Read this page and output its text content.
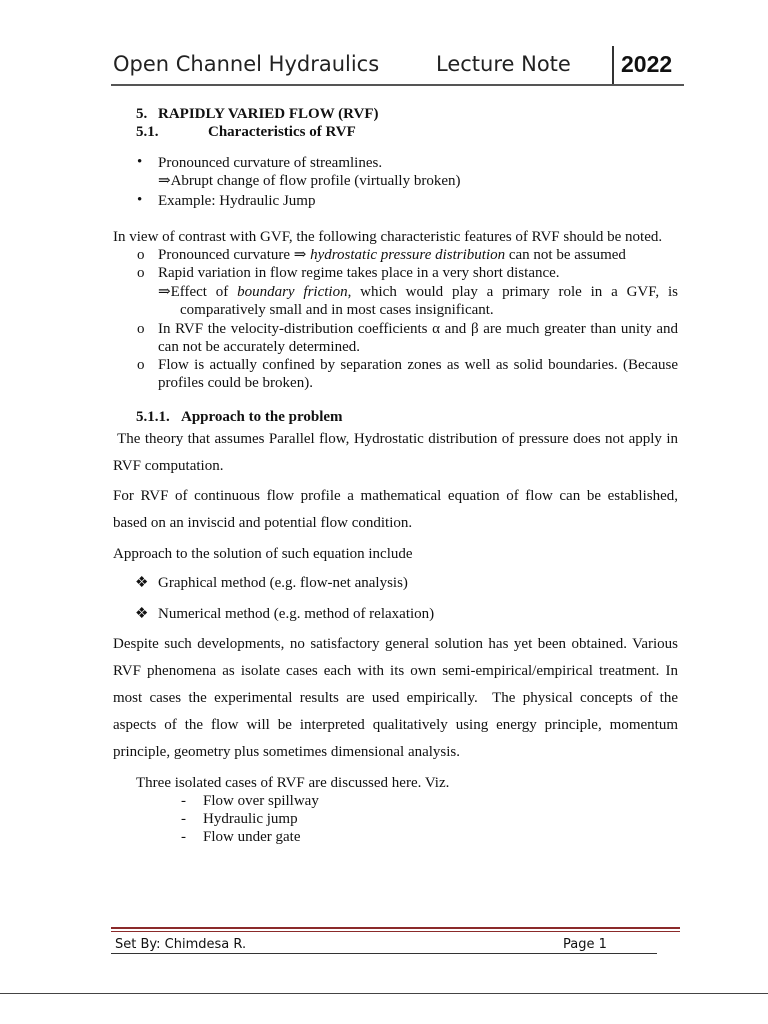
Open Channel Hydraulics	Lecture Note 2022
5. RAPIDLY VARIED FLOW (RVF)
5.1.	Characteristics of RVF
• Pronounced curvature of streamlines.
⇒Abrupt change of flow profile (virtually broken)
• Example: Hydraulic Jump
In view of contrast with GVF, the following characteristic features of RVF should be noted.
o Pronounced curvature ⇒ hydrostatic pressure distribution can not be assumed
o Rapid variation in flow regime takes place in a very short distance.
⇒Effect of boundary friction, which would play a primary role in a GVF, is
comparatively small and in most cases insignificant.
o In RVF the velocity-distribution coefficients α and β are much greater than unity and
can not be accurately determined.
o Flow is actually confined by separation zones as well as solid boundaries. (Because
profiles could be broken).
5.1.1. Approach to the problem
The theory that assumes Parallel flow, Hydrostatic distribution of pressure does not apply in
RVF computation.
For RVF of continuous flow profile a mathematical equation of flow can be established,
based on an inviscid and potential flow condition.
Approach to the solution of such equation include
❖ Graphical method (e.g. flow-net analysis)
❖ Numerical method (e.g. method of relaxation)
Despite such developments, no satisfactory general solution has yet been obtained. Various
RVF phenomena as isolate cases each with its own semi-empirical/empirical treatment. In
most cases the experimental results are used empirically.  The physical concepts of the
aspects of the flow will be interpreted qualitatively using energy principle, momentum
principle, geometry plus sometimes dimensional analysis.
Three isolated cases of RVF are discussed here. Viz.
- Flow over spillway
- Hydraulic jump
- Flow under gate
Set By: Chimdesa R.	Page 1
